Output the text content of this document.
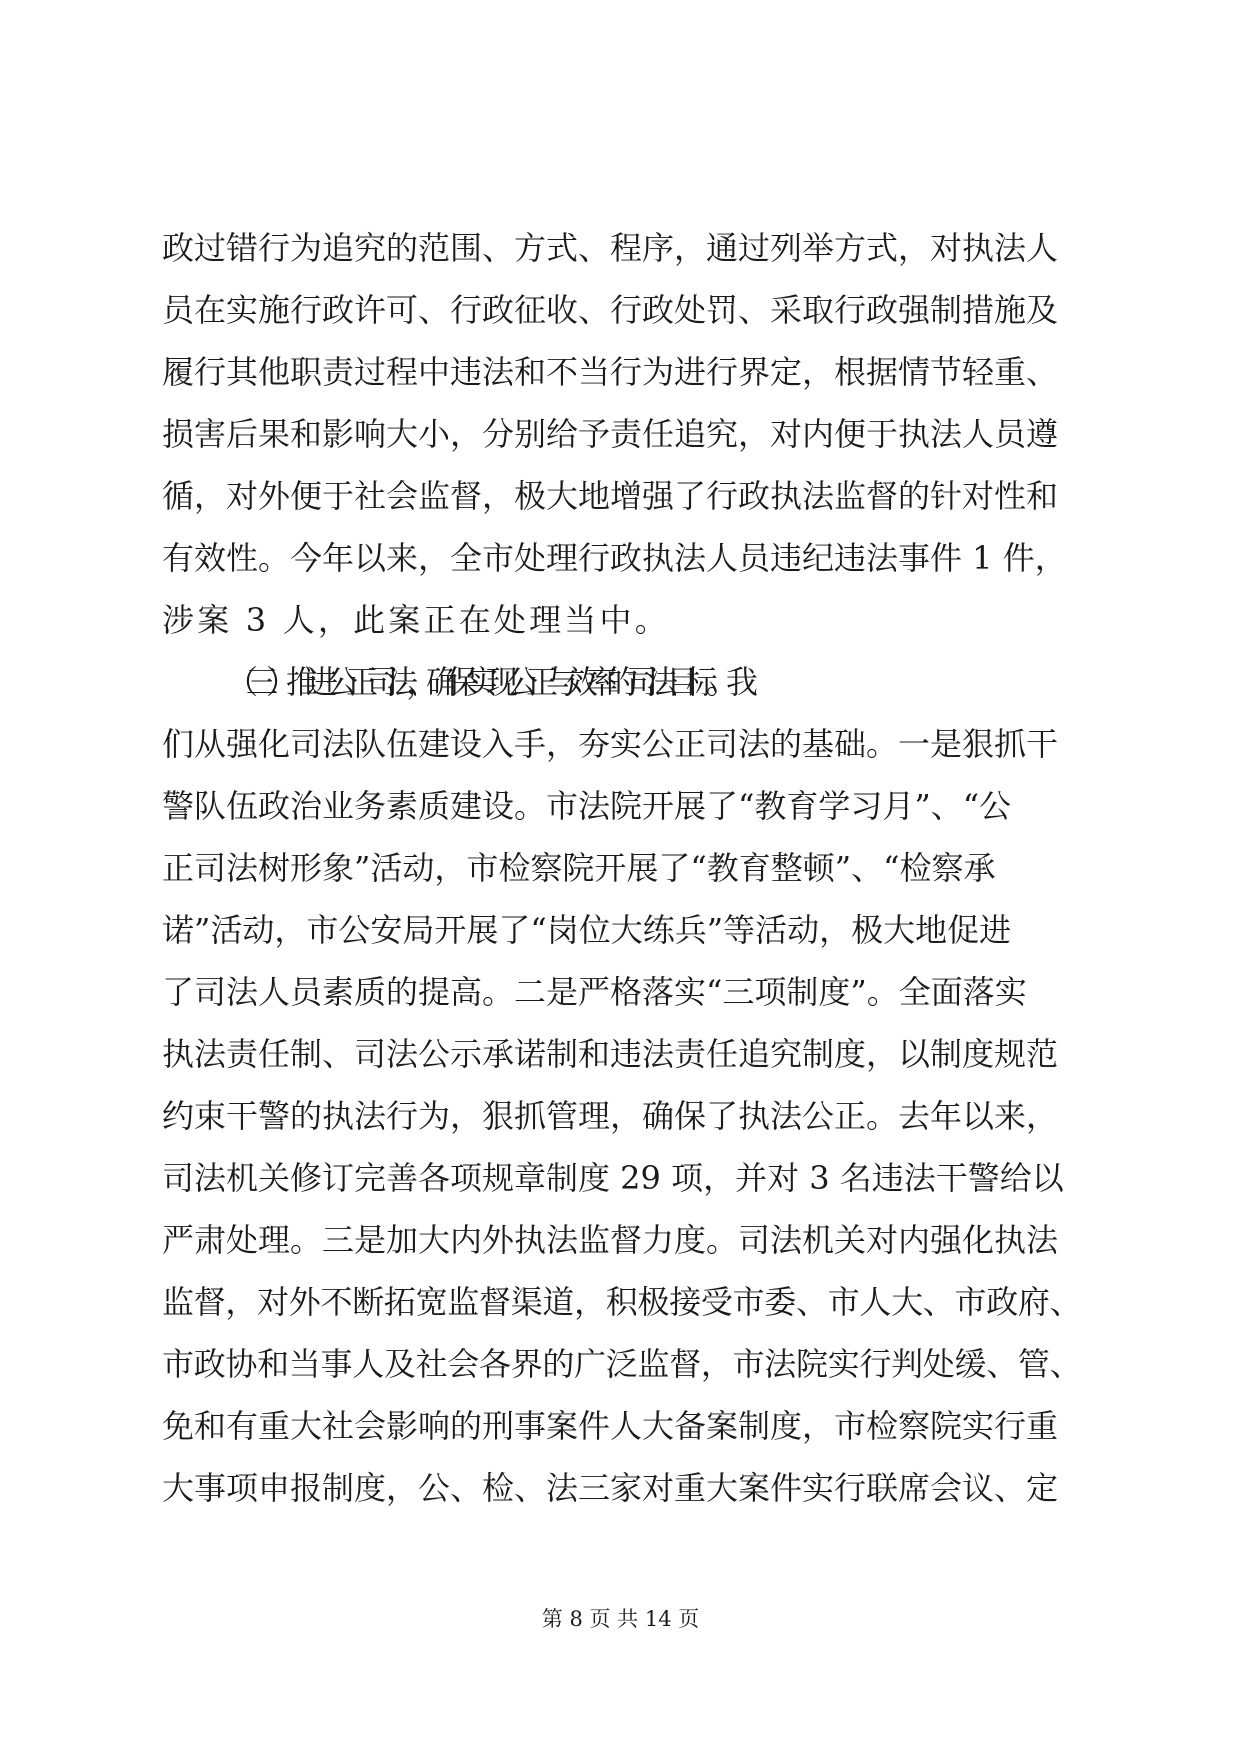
政过错行为追究的范围、方式、程序，通过列举方式，对执法人
员在实施行政许可、行政征收、行政处罚、采取行政强制措施及
履行其他职责过程中违法和不当行为进行界定，根据情节轻重、
损害后果和影响大小，分别给予责任追究，对内便于执法人员遵
循，对外便于社会监督，极大地增强了行政执法监督的针对性和
有效性。今年以来，全市处理行政执法人员违纪违法事件 1 件，
涉案 3 人，此案正在处理当中。
（三）推进公正司法，确保实现公正与效率的司法目标。我
们从强化司法队伍建设入手，夯实公正司法的基础。一是狠抓干
警队伍政治业务素质建设。市法院开展了“教育学习月”、“公
正司法树形象”活动，市检察院开展了“教育整顿”、“检察承
诺”活动，市公安局开展了“岗位大练兵”等活动，极大地促进
了司法人员素质的提高。二是严格落实“三项制度”。全面落实
执法责任制、司法公示承诺制和违法责任追究制度，以制度规范
约束干警的执法行为，狠抓管理，确保了执法公正。去年以来，
司法机关修订完善各项规章制度 29 项，并对 3 名违法干警给以
严肃处理。三是加大内外执法监督力度。司法机关对内强化执法
监督，对外不断拓宽监督渠道，积极接受市委、市人大、市政府、
市政协和当事人及社会各界的广泛监督，市法院实行判处缓、管、
免和有重大社会影响的刑事案件人大备案制度，市检察院实行重
大事项申报制度，公、检、法三家对重大案件实行联席会议、定
第 8 页 共 14 页
